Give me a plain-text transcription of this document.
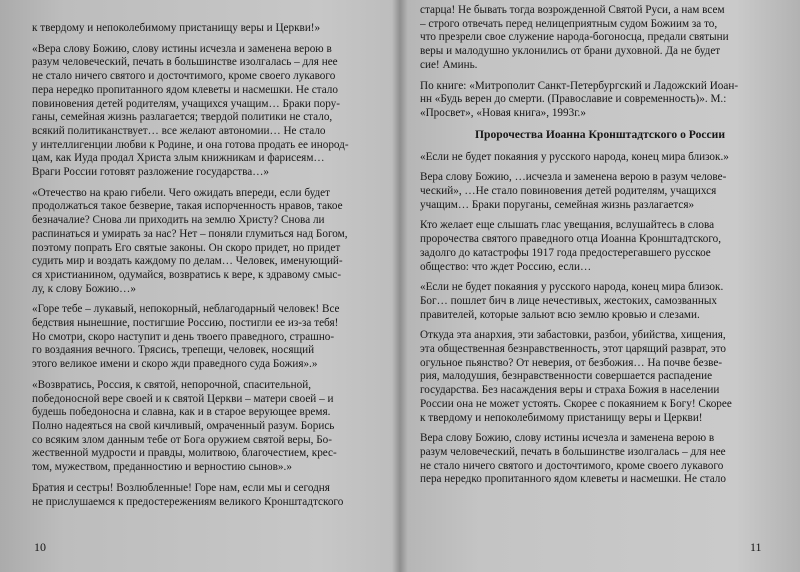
к твердому и непоколебимому пристанищу веры и Церкви!»
«Вера слову Божию, слову истины исчезла и заменена верою в
разум человеческий, печать в большинстве изолгалась – для нее
не стало ничего святого и досточтимого, кроме своего лукавого
пера нередко пропитанного ядом клеветы и насмешки. Не стало
повиновения детей родителям, учащихся учащим… Браки пору-
ганы, семейная жизнь разлагается; твердой политики не стало,
всякий политиканствует… все желают автономии… Не стало
у интеллигенции любви к Родине, и она готова продать ее инород-
цам, как Иуда продал Христа злым книжникам и фарисеям…
Враги России готовят разложение государства…»
«Отечество на краю гибели. Чего ожидать впереди, если будет
продолжаться такое безверие, такая испорченность нравов, такое
безначалие? Снова ли приходить на землю Христу? Снова ли
распинаться и умирать за нас? Нет – поняли глумиться над Богом,
поэтому попрать Его святые законы. Он скоро придет, но придет
судить мир и воздать каждому по делам… Человек, именующий-
ся христианином, одумайся, возвратись к вере, к здравому смыс-
лу, к слову Божию…»
«Горе тебе – лукавый, непокорный, неблагодарный человек! Все
бедствия нынешние, постигшие Россию, постигли ее из-за тебя!
Но смотри, скоро наступит и день твоего праведного, страшно-
го воздаяния вечного. Трясись, трепещи, человек, носящий
этого великое имени и скоро жди праведного суда Божия».»
«Возвратись, Россия, к святой, непорочной, спасительной,
победоносной вере своей и к святой Церкви – матери своей – и
будешь победоносна и славна, как и в старое верующее время.
Полно надеяться на свой кичливый, омраченный разум. Борись
со всяким злом данным тебе от Бога оружием святой веры, Бо-
жественной мудрости и правды, молитвою, благочестием, крес-
том, мужеством, преданностию и верностию сынов».»
Братия и сестры! Возлюбленные! Горе нам, если мы и сегодня
не прислушаемся к предостережениям великого Кронштадтского
10
старца! Не бывать тогда возрожденной Святой Руси, а нам всем
– строго отвечать перед нелицеприятным судом Божиим за то,
что презрели свое служение народа-богоносца, предали святыни
веры и малодушно уклонились от брани духовной. Да не будет
сие! Аминь.
По книге: «Митрополит Санкт-Петербургский и Ладожский Иоан-
нн «Будь верен до смерти. (Православие и современность)». М.:
«Просвет», «Новая книга», 1993г.»
Пророчества Иоанна Кронштадтского о России
«Если не будет покаяния у русского народа, конец мира близок.»
Вера слову Божию, …исчезла и заменена верою в разум челове-
ческий», …Не стало повиновения детей родителям, учащихся
учащим… Браки поруганы, семейная жизнь разлагается»
Кто желает еще слышать глас увещания, вслушайтесь в слова
пророчества святого праведного отца Иоанна Кронштадтского,
задолго до катастрофы 1917 года предостерегавшего русское
общество: что ждет Россию, если…
«Если не будет покаяния у русского народа, конец мира близок.
Бог… пошлет бич в лице нечестивых, жестоких, самозванных
правителей, которые зальют всю землю кровью и слезами.
Откуда эта анархия, эти забастовки, разбои, убийства, хищения,
эта общественная безнравственность, этот царящий разврат, это
огульное пьянство? От неверия, от безбожия… На почве безве-
рия, малодушия, безнравственности совершается распадение
государства. Без насаждения веры и страха Божия в населении
России она не может устоять. Скорее с покаянием к Богу! Скорее
к твердому и непоколебимому пристанищу веры и Церкви!
Вера слову Божию, слову истины исчезла и заменена верою в
разум человеческий, печать в большинстве изолгалась – для нее
не стало ничего святого и досточтимого, кроме своего лукавого
пера нередко пропитанного ядом клеветы и насмешки. Не стало
11
